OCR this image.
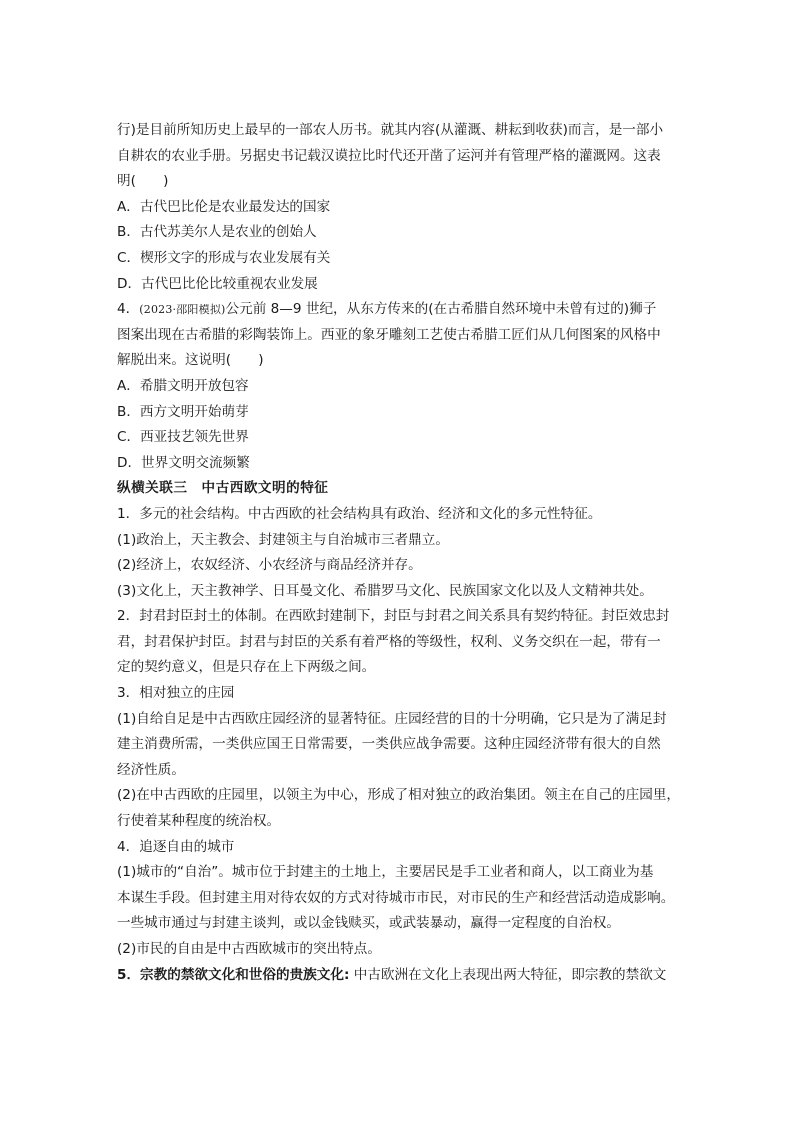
行)是目前所知历史上最早的一部农人历书。就其内容(从灌溉、耕耘到收获)而言，是一部小
自耕农的农业手册。另据史书记载汉谟拉比时代还开凿了运河并有管理严格的灌溉网。这表
明(　　)
A．古代巴比伦是农业最发达的国家
B．古代苏美尔人是农业的创始人
C．楔形文字的形成与农业发展有关
D．古代巴比伦比较重视农业发展
4．(2023·邵阳模拟)公元前 8—9 世纪，从东方传来的(在古希腊自然环境中未曾有过的)狮子
图案出现在古希腊的彩陶装饰上。西亚的象牙雕刻工艺使古希腊工匠们从几何图案的风格中
解脱出来。这说明(　　)
A．希腊文明开放包容
B．西方文明开始萌芽
C．西亚技艺领先世界
D．世界文明交流频繁
纵横关联三　中古西欧文明的特征
1．多元的社会结构。中古西欧的社会结构具有政治、经济和文化的多元性特征。
(1)政治上，天主教会、封建领主与自治城市三者鼎立。
(2)经济上，农奴经济、小农经济与商品经济并存。
(3)文化上，天主教神学、日耳曼文化、希腊罗马文化、民族国家文化以及人文精神共处。
2．封君封臣封土的体制。在西欧封建制下，封臣与封君之间关系具有契约特征。封臣效忠封
君，封君保护封臣。封君与封臣的关系有着严格的等级性，权利、义务交织在一起，带有一
定的契约意义，但是只存在上下两级之间。
3．相对独立的庄园
(1)自给自足是中古西欧庄园经济的显著特征。庄园经营的目的十分明确，它只是为了满足封
建主消费所需，一类供应国王日常需要，一类供应战争需要。这种庄园经济带有很大的自然
经济性质。
(2)在中古西欧的庄园里，以领主为中心，形成了相对独立的政治集团。领主在自己的庄园里，
行使着某种程度的统治权。
4．追逐自由的城市
(1)城市的“自治”。城市位于封建主的土地上，主要居民是手工业者和商人，以工商业为基
本谋生手段。但封建主用对待农奴的方式对待城市市民，对市民的生产和经营活动造成影响。
一些城市通过与封建主谈判，或以金钱赎买，或武装暴动，赢得一定程度的自治权。
(2)市民的自由是中古西欧城市的突出特点。
5．宗教的禁欲文化和世俗的贵族文化: 中古欧洲在文化上表现出两大特征，即宗教的禁欲文
